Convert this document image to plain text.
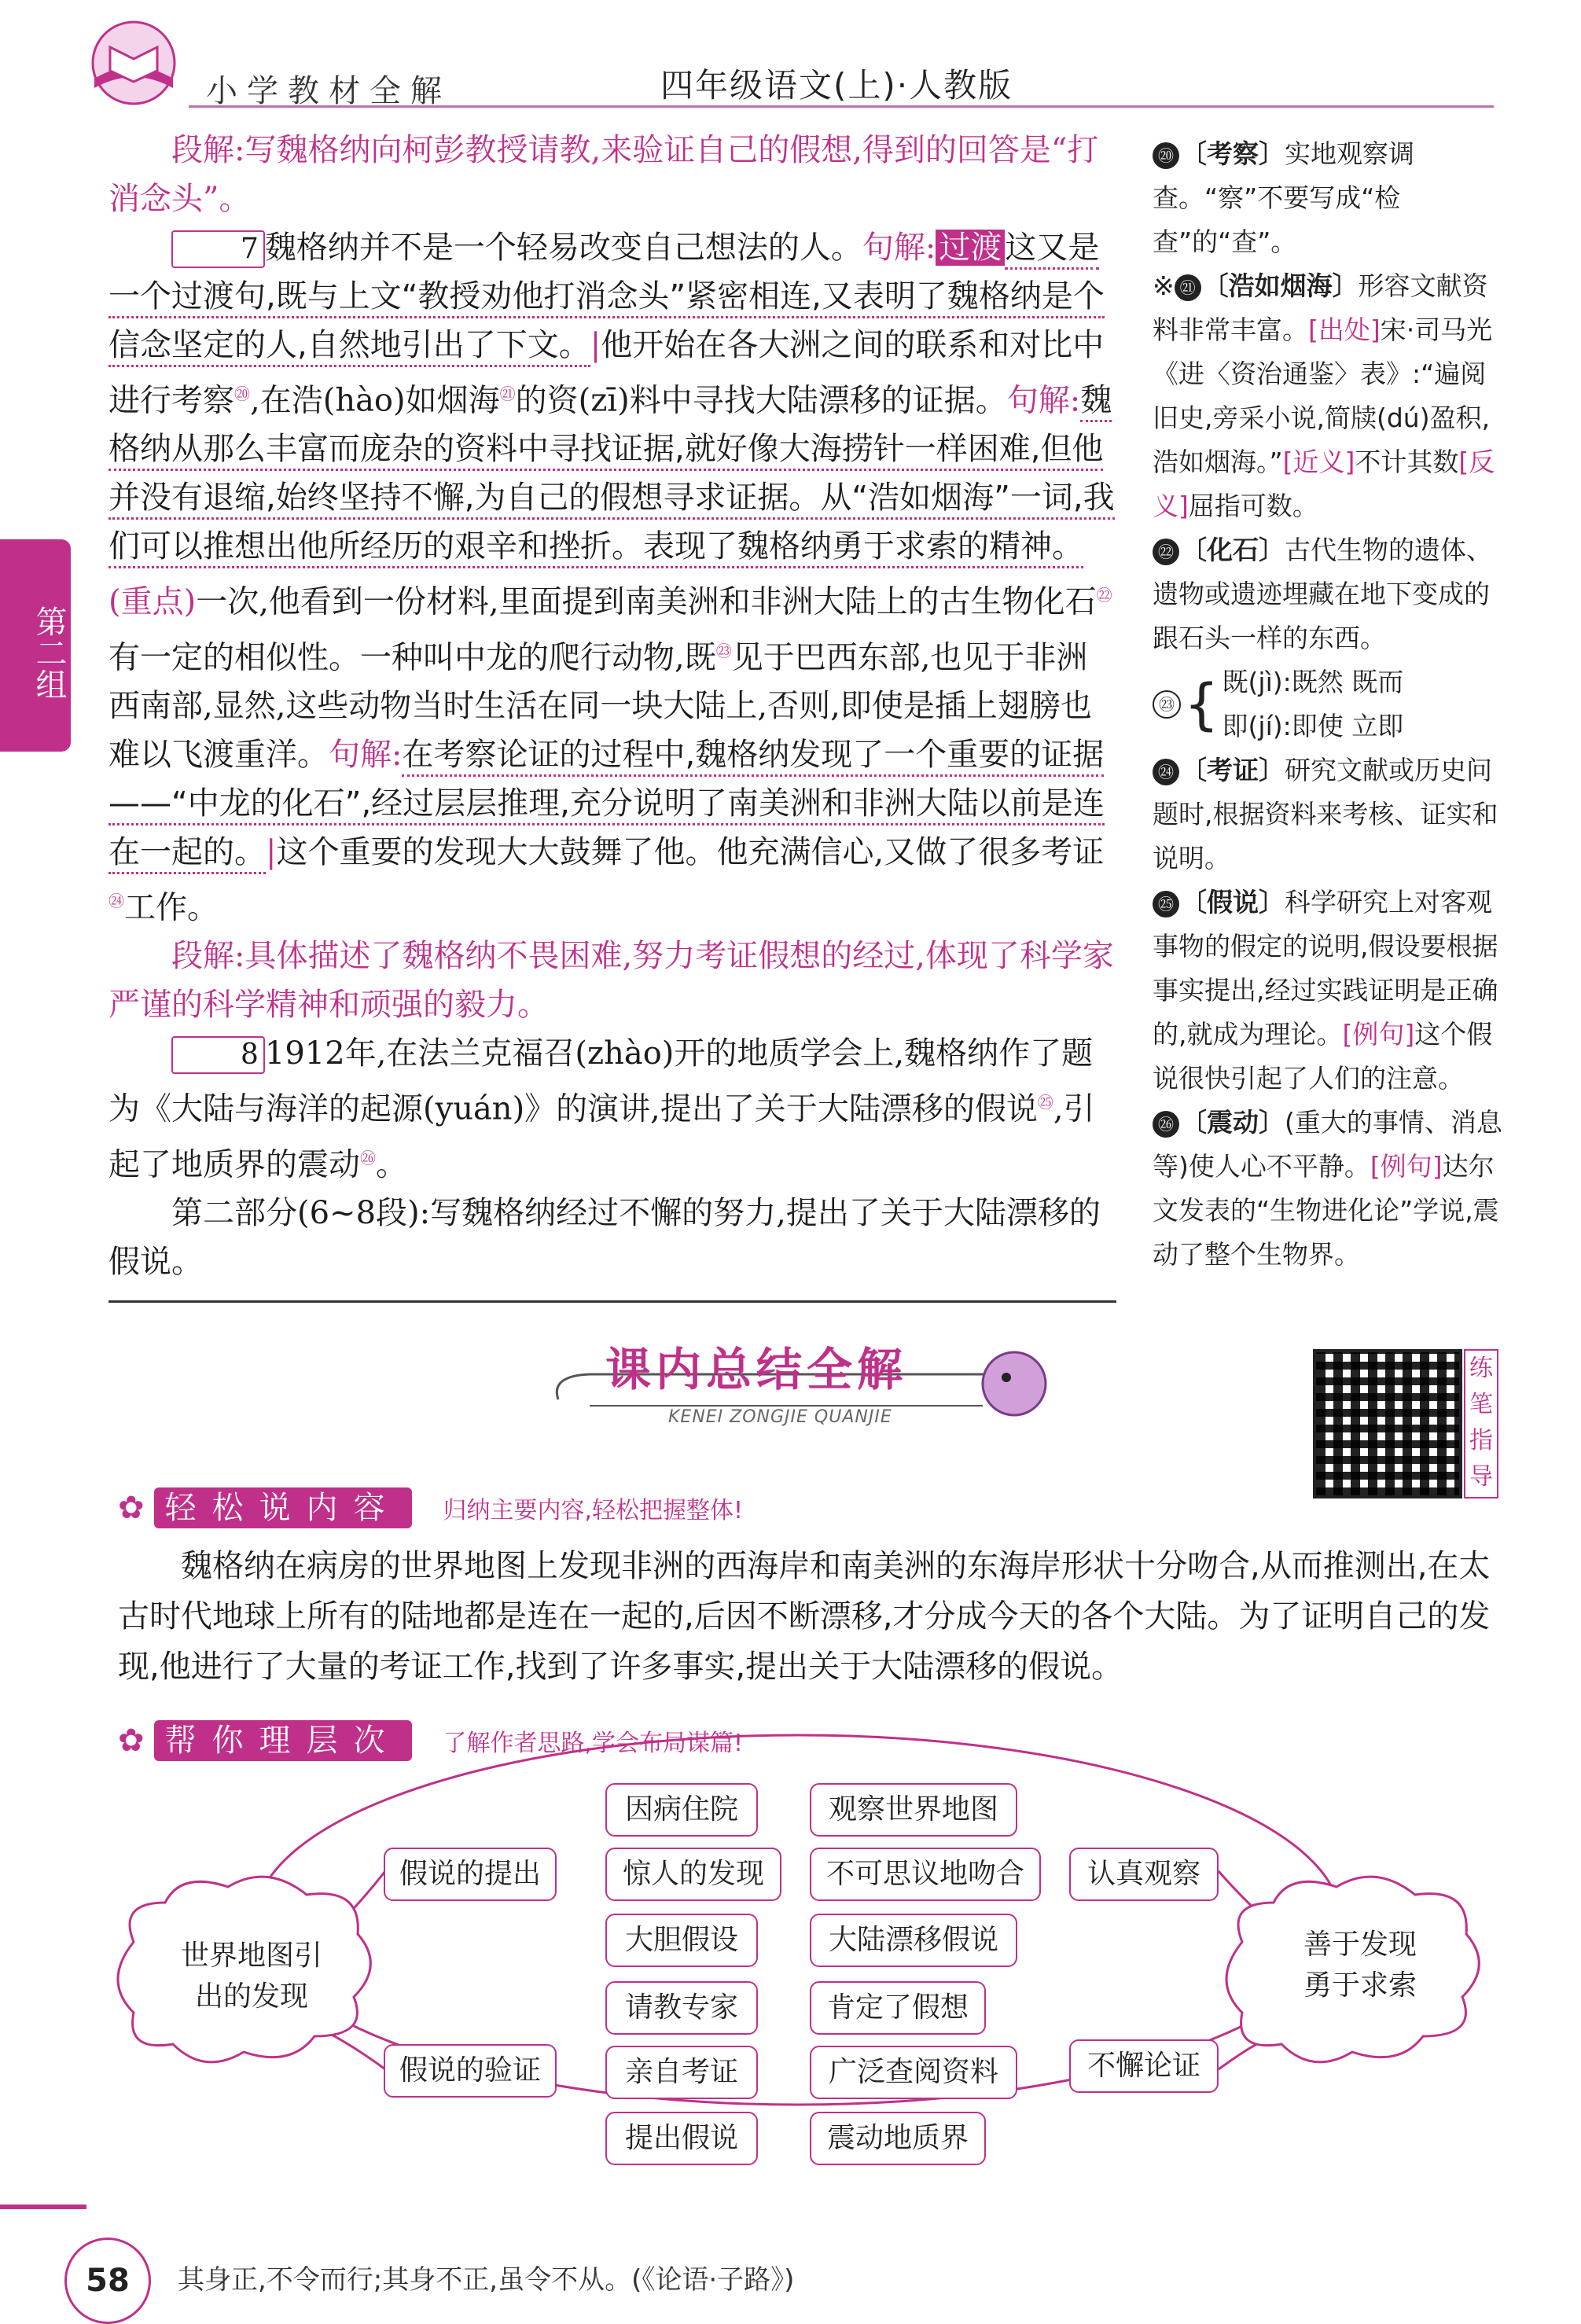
小学教材全解	四年级语文(上)·人教版
第二组
段解:写魏格纳向柯彭教授请教,来验证自己的假想,得到的回答是“打消念头”。
7 魏格纳并不是一个轻易改变自己想法的人。句解: 过渡 这又是一个过渡句,既与上文“教授劝他打消念头”紧密相连,又表明了魏格纳是个信念坚定的人,自然地引出了下文。|他开始在各大洲之间的联系和对比中进行考察⑳,在浩(hào)如烟海$^㉑$的资(zī)料中寻找大陆漂移的证据。句解:魏格纳从那么丰富而庞杂的资料中寻找证据,就好像大海捞针一样困难,但他并没有退缩,始终坚持不懈,为自己的假想寻求证据。从“浩如烟海”一词,我们可以推想出他所经历的艰辛和挫折。表现了魏格纳勇于求索的精神。(重点)一次,他看到一份材料,里面提到南美洲和非洲大陆上的古生物化石$^㉒$有一定的相似性。一种叫中龙的爬行动物,既$^㉓$见于巴西东部,也见于非洲西南部,显然,这些动物当时生活在同一块大陆上,否则,即使是插上翅膀也难以飞渡重洋。句解:在考察论证的过程中,魏格纳发现了一个重要的证据——“中龙的化石”,经过层层推理,充分说明了南美洲和非洲大陆以前是连在一起的。|这个重要的发现大大鼓舞了他。他充满信心,又做了很多考证$^㉔$工作。
段解:具体描述了魏格纳不畏困难,努力考证假想的经过,体现了科学家严谨的科学精神和顽强的毅力。
8 1912年,在法兰克福召(zhào)开的地质学会上,魏格纳作了题为《大陆与海洋的起源(yuán)》的演讲,提出了关于大陆漂移的假说$^㉕$,引起了地质界的震动$^㉖$。
第二部分(6~8段):写魏格纳经过不懈的努力,提出了关于大陆漂移的假说。

⑳ 〔考察〕实地观察调查。“察”不要写成“检查”的“查”。

※ ㉑ 〔浩如烟海〕形容文献资料非常丰富。[出处]宋·司马光《进〈资治通鉴〉表》:“遍阅旧史,旁采小说,简牍(dú)盈积,浩如烟海。”[近义]不计其数[反义]屈指可数。

㉒ 〔化石〕古代生物的遗体、遗物或遗迹埋藏在地下变成的跟石头一样的东西。

㉓ { 既(jì):既然 既而
即(jí):即使 立即

㉔ 〔考证〕研究文献或历史问题时,根据资料来考核、证实和说明。

㉕ 〔假说〕科学研究上对客观事物的假定的说明,假设要根据事实提出,经过实践证明是正确的,就成为理论。[例句]这个假说很快引起了人们的注意。

㉖ 〔震动〕(重大的事情、消息等)使人心不平静。[例句]达尔文发表的“生物进化论”学说,震动了整个生物界。

课内总结全解
KENEI ZONGJIE QUANJIE
练笔指导
✿ 轻松说内容	归纳主要内容,轻松把握整体!
魏格纳在病房的世界地图上发现非洲的西海岸和南美洲的东海岸形状十分吻合,从而推测出,在太古时代地球上所有的陆地都是连在一起的,后因不断漂移,才分成今天的各个大陆。为了证明自己的发现,他进行了大量的考证工作,找到了许多事实,提出关于大陆漂移的假说。
✿ 帮你理层次	了解作者思路,学会布局谋篇!
世界地图引
出的发现
善于发现
勇于求索
假说的提出
假说的验证
因病住院
惊人的发现
大胆假设
观察世界地图
不可思议地吻合
大陆漂移假说
认真观察
请教专家
亲自考证
提出假说
肯定了假想
广泛查阅资料
震动地质界
不懈论证
58	其身正,不令而行;其身不正,虽令不从。(《论语·子路》)
